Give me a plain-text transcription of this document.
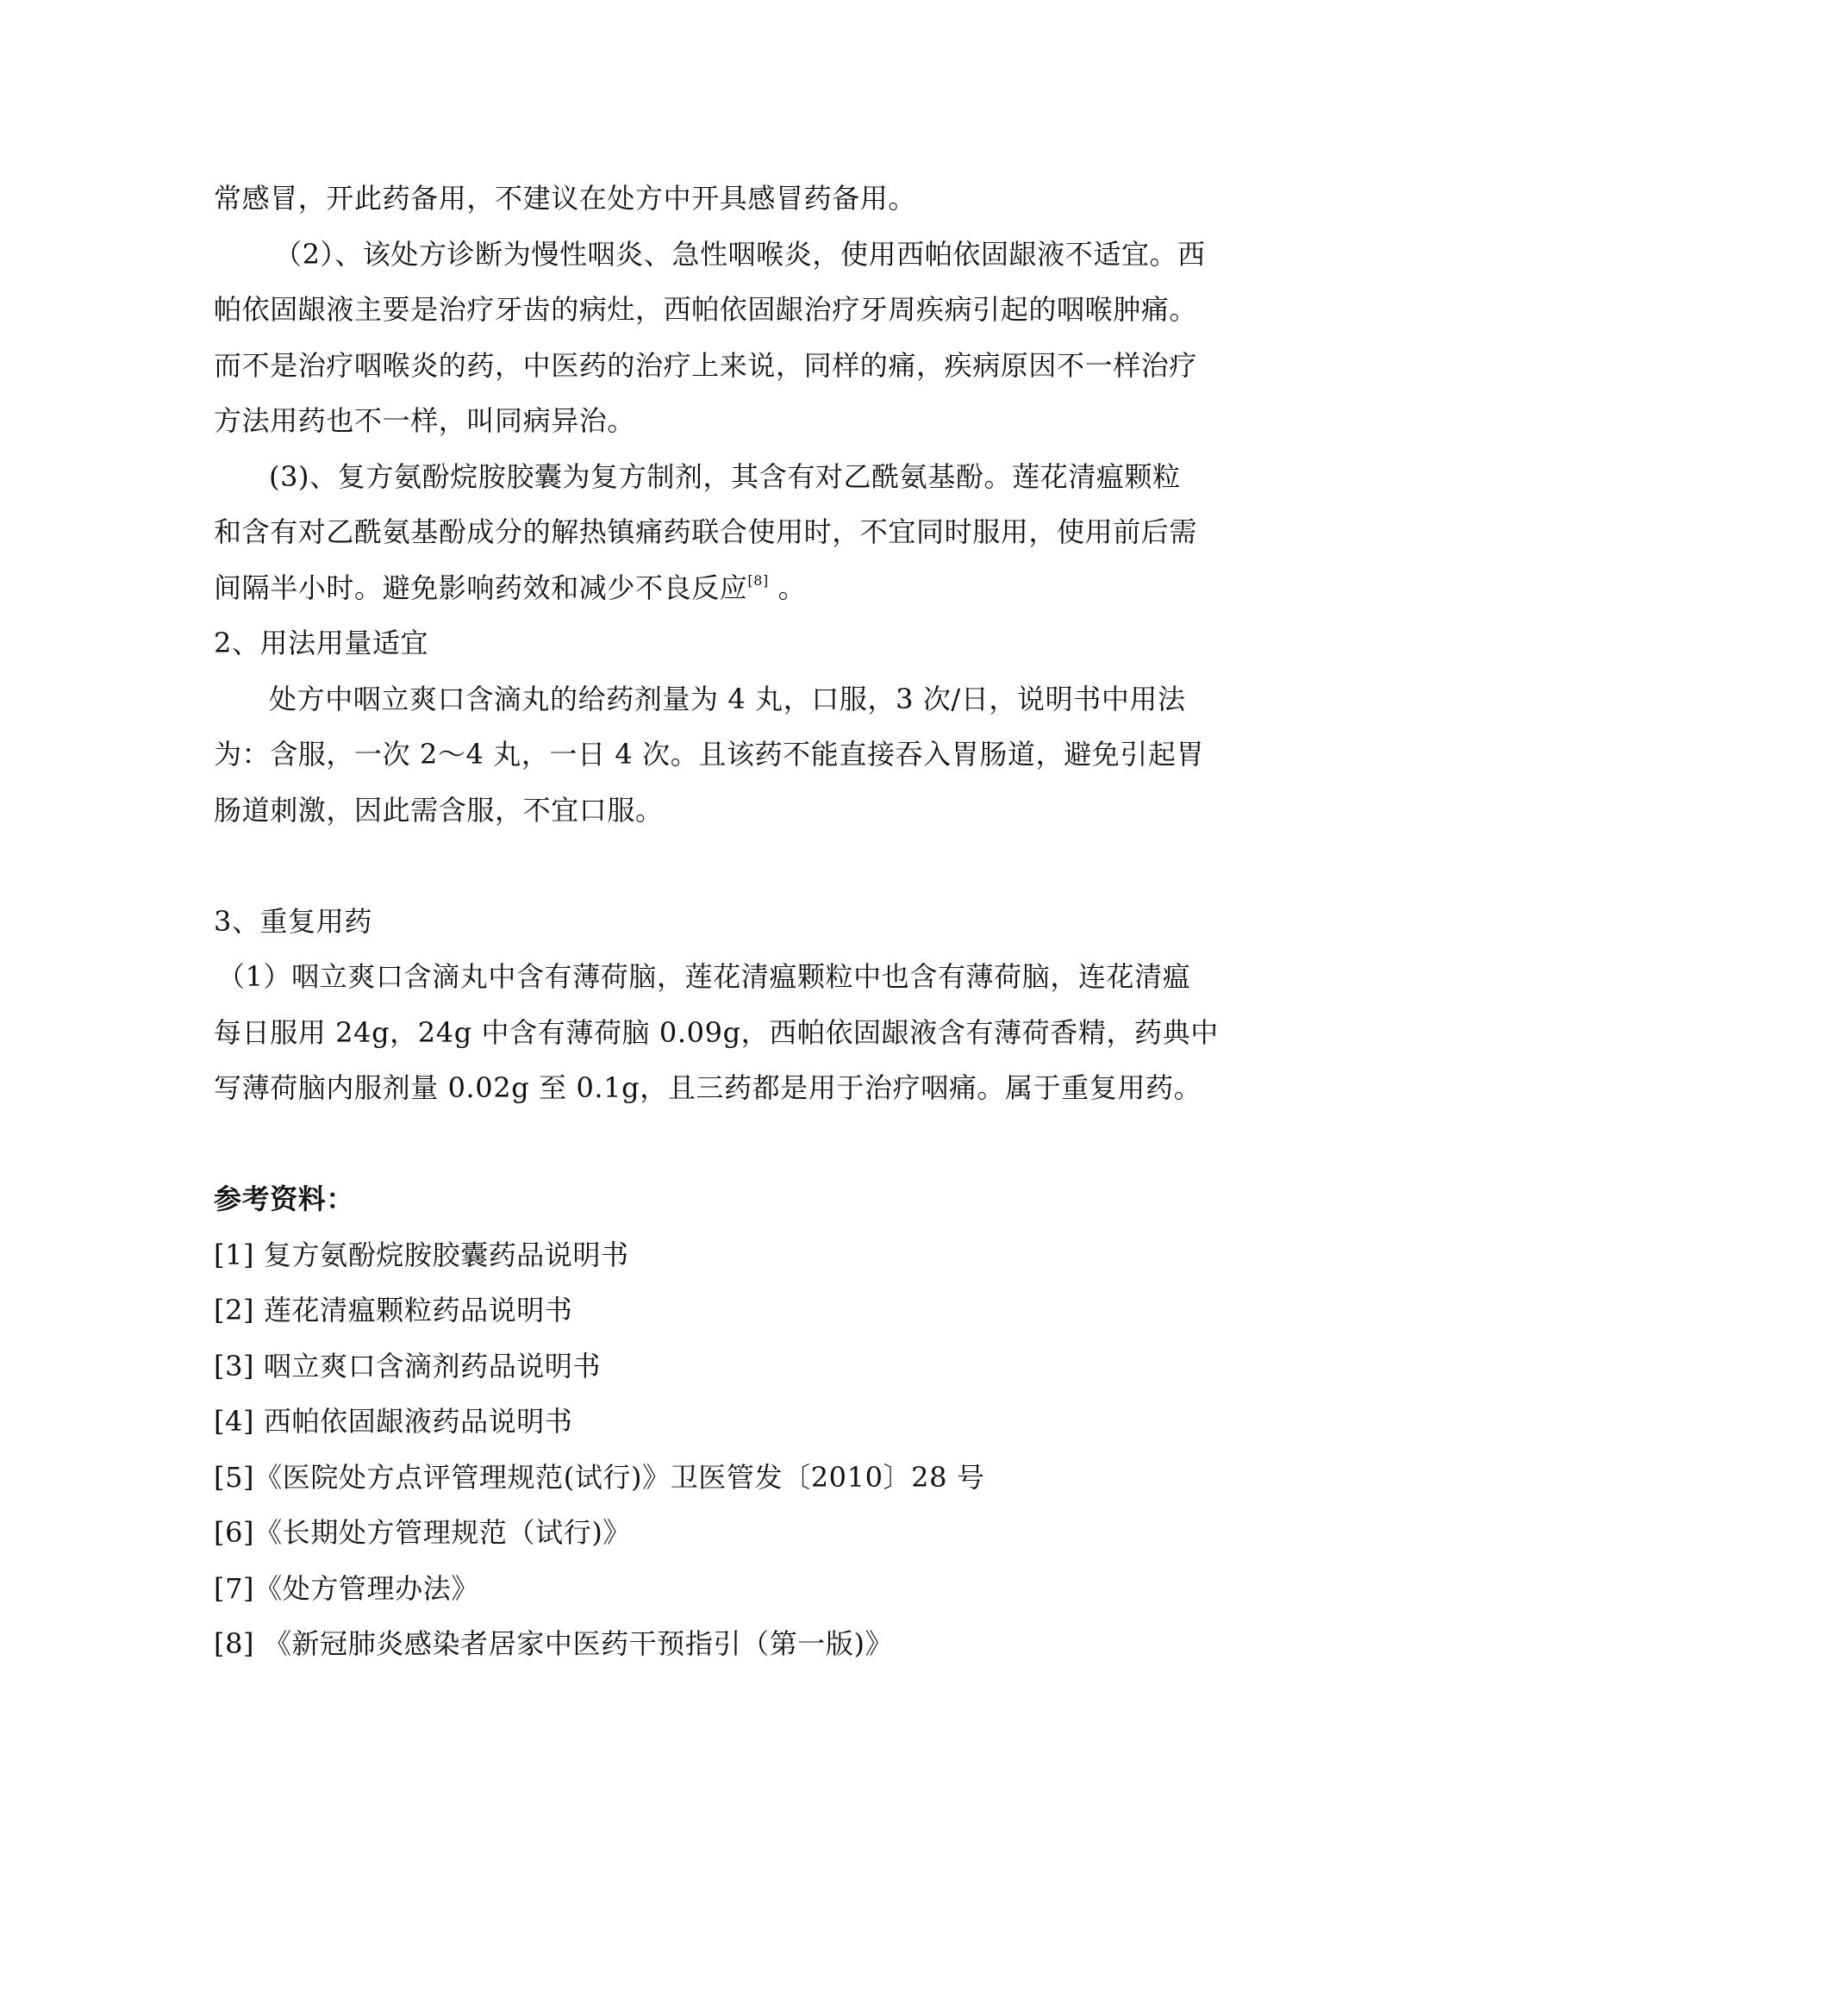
常感冒，开此药备用，不建议在处方中开具感冒药备用。
（2）、该处方诊断为慢性咽炎、急性咽喉炎，使用西帕依固龈液不适宜。西
帕依固龈液主要是治疗牙齿的病灶，西帕依固龈治疗牙周疾病引起的咽喉肿痛。
而不是治疗咽喉炎的药，中医药的治疗上来说，同样的痛，疾病原因不一样治疗
方法用药也不一样，叫同病异治。
(3)、复方氨酚烷胺胶囊为复方制剂，其含有对乙酰氨基酚。莲花清瘟颗粒
和含有对乙酰氨基酚成分的解热镇痛药联合使用时，不宜同时服用，使用前后需
间隔半小时。避免影响药效和减少不良反应[8] 。
2、用法用量适宜
处方中咽立爽口含滴丸的给药剂量为 4 丸，口服，3 次/日，说明书中用法
为：含服，一次 2～4 丸，一日 4 次。且该药不能直接吞入胃肠道，避免引起胃
肠道刺激，因此需含服，不宜口服。
3、重复用药
（1）咽立爽口含滴丸中含有薄荷脑，莲花清瘟颗粒中也含有薄荷脑，连花清瘟
每日服用 24g，24g 中含有薄荷脑 0.09g，西帕依固龈液含有薄荷香精，药典中
写薄荷脑内服剂量 0.02g 至 0.1g，且三药都是用于治疗咽痛。属于重复用药。
参考资料：
[1] 复方氨酚烷胺胶囊药品说明书
[2] 莲花清瘟颗粒药品说明书
[3] 咽立爽口含滴剂药品说明书
[4] 西帕依固龈液药品说明书
[5]《医院处方点评管理规范(试行)》卫医管发〔2010〕28 号
[6]《长期处方管理规范（试行)》
[7]《处方管理办法》
[8] 《新冠肺炎感染者居家中医药干预指引（第一版)》
